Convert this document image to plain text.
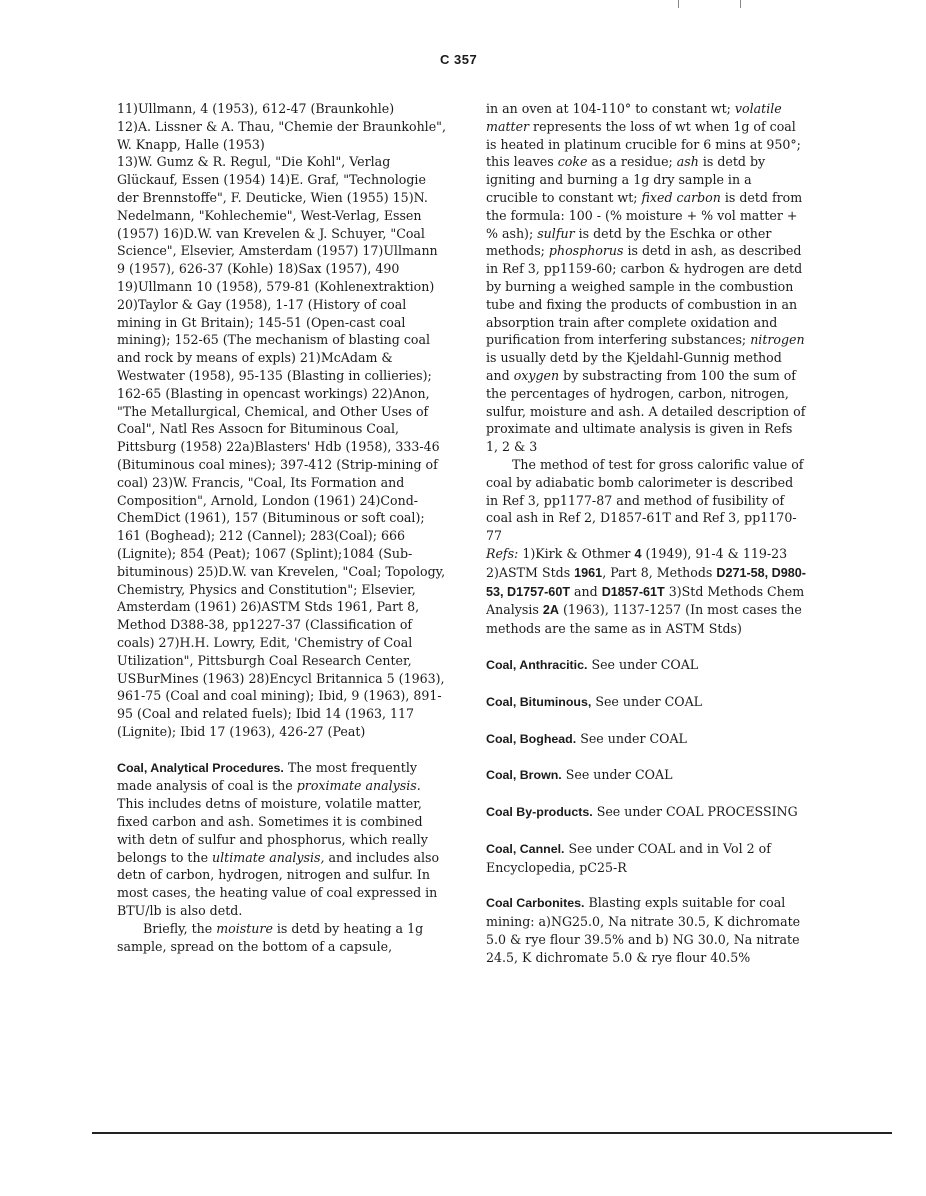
C 357

11)Ullmann, 4 (1953), 612-47 (Braunkohle)
12)A. Lissner & A. Thau, "Chemie der Braunkohle", W. Knapp, Halle (1953)
13)W. Gumz & R. Regul, "Die Kohl", Verlag Glückauf, Essen (1954) 14)E. Graf, "Technologie der Brennstoffe", F. Deuticke, Wien (1955) 15)N. Nedelmann, "Kohlechemie", West-Verlag, Essen (1957) 16)D.W. van Krevelen & J. Schuyer, "Coal Science", Elsevier, Amsterdam (1957) 17)Ullmann 9 (1957), 626-37 (Kohle) 18)Sax (1957), 490 19)Ullmann 10 (1958), 579-81 (Kohlenextraktion) 20)Taylor & Gay (1958), 1-17 (History of coal mining in Gt Britain); 145-51 (Open-cast coal mining); 152-65 (The mechanism of blasting coal and rock by means of expls) 21)McAdam & Westwater (1958), 95-135 (Blasting in collieries); 162-65 (Blasting in opencast workings) 22)Anon, "The Metallurgical, Chemical, and Other Uses of Coal", Natl Res Assocn for Bituminous Coal, Pittsburg (1958) 22a)Blasters' Hdb (1958), 333-46 (Bituminous coal mines); 397-412 (Strip-mining of coal) 23)W. Francis, "Coal, Its Formation and Composition", Arnold, London (1961) 24)Cond-ChemDict (1961), 157 (Bituminous or soft coal); 161 (Boghead); 212 (Cannel); 283(Coal); 666 (Lignite); 854 (Peat); 1067 (Splint);1084 (Sub-bituminous) 25)D.W. van Krevelen, "Coal; Topology, Chemistry, Physics and Constitution"; Elsevier, Amsterdam (1961) 26)ASTM Stds 1961, Part 8, Method D388-38, pp1227-37 (Classification of coals) 27)H.H. Lowry, Edit, 'Chemistry of Coal Utilization", Pittsburgh Coal Research Center, USBurMines (1963) 28)Encycl Britannica 5 (1963), 961-75 (Coal and coal mining); Ibid, 9 (1963), 891-95 (Coal and related fuels); Ibid 14 (1963, 117 (Lignite); Ibid 17 (1963), 426-27 (Peat)

Coal, Analytical Procedures. The most frequently made analysis of coal is the proximate analysis. This includes detns of moisture, volatile matter, fixed carbon and ash. Sometimes it is combined with detn of sulfur and phosphorus, which really belongs to the ultimate analysis, and includes also detn of carbon, hydrogen, nitrogen and sulfur. In most cases, the heating value of coal expressed in BTU/lb is also detd.

Briefly, the moisture is detd by heating a 1g sample, spread on the bottom of a capsule,

in an oven at 104-110° to constant wt; volatile matter represents the loss of wt when 1g of coal is heated in platinum crucible for 6 mins at 950°; this leaves coke as a residue; ash is detd by igniting and burning a 1g dry sample in a crucible to constant wt; fixed carbon is detd from the formula: 100 - (% moisture + % vol matter + % ash); sulfur is detd by the Eschka or other methods; phosphorus is detd in ash, as described in Ref 3, pp1159-60; carbon & hydrogen are detd by burning a weighed sample in the combustion tube and fixing the products of combustion in an absorption train after complete oxidation and purification from interfering substances; nitrogen is usually detd by the Kjeldahl-Gunnig method and oxygen by substracting from 100 the sum of the percentages of hydrogen, carbon, nitrogen, sulfur, moisture and ash. A detailed description of proximate and ultimate analysis is given in Refs 1, 2 & 3

The method of test for gross calorific value of coal by adiabatic bomb calorimeter is described in Ref 3, pp1177-87 and method of fusibility of coal ash in Ref 2, D1857-61T and Ref 3, pp1170-77

Refs: 1)Kirk & Othmer 4 (1949), 91-4 & 119-23 2)ASTM Stds 1961, Part 8, Methods D271-58, D980-53, D1757-60T and D1857-61T 3)Std Methods Chem Analysis 2A (1963), 1137-1257 (In most cases the methods are the same as in ASTM Stds)

Coal, Anthracitic. See under COAL

Coal, Bituminous, See under COAL

Coal, Boghead. See under COAL

Coal, Brown. See under COAL

Coal By-products. See under COAL PROCESSING

Coal, Cannel. See under COAL and in Vol 2 of Encyclopedia, pC25-R

Coal Carbonites. Blasting expls suitable for coal mining: a)NG25.0, Na nitrate 30.5, K dichromate 5.0 & rye flour 39.5% and b) NG 30.0, Na nitrate 24.5, K dichromate 5.0 & rye flour 40.5%
